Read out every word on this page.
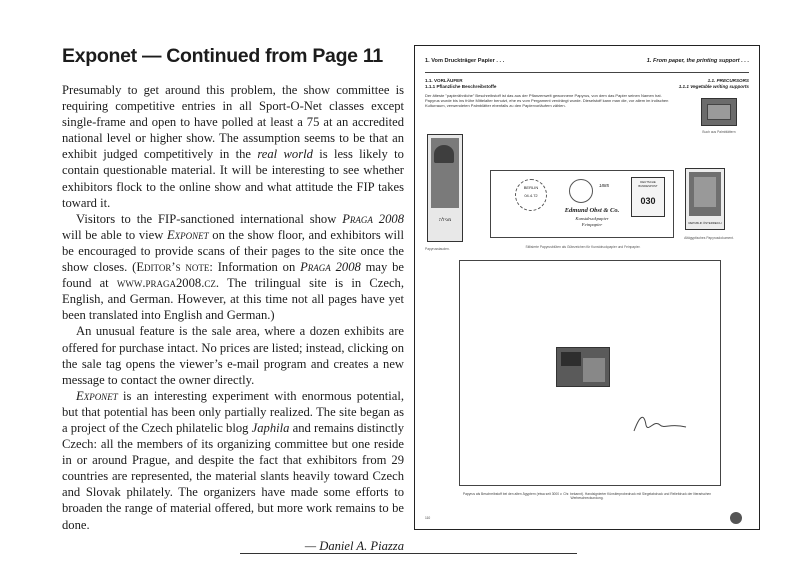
Exponet — Continued from Page 11

Presumably to get around this problem, the show committee is requiring competitive entries in all Sport-O-Net classes except single-frame and open to have polled at least a 75 at an accredited national level or higher show. The assumption seems to be that an exhibit judged competitively in the real world is less likely to contain questionable material. It will be interesting to see whether exhibitors flock to the online show and what attitude the FIP takes toward it.

Visitors to the FIP-sanctioned international show Praga 2008 will be able to view Exponet on the show floor, and exhibitors will be encouraged to provide scans of their pages to the site once the show closes. (Editor’s note: Information on Praga 2008 may be found at www.praga2008.cz. The trilingual site is in Czech, English, and German. However, at this time not all pages have yet been translated into English and German.)

An unusual feature is the sale area, where a dozen exhibits are offered for purchase intact. No prices are listed; instead, clicking on the sale tag opens the viewer’s e-mail program and creates a new message to contact the owner directly.

Exponet is an interesting experiment with enormous potential, but that potential has been only partially realized. The site began as a project of the Czech philatelic blog Japhila and remains distinctly Czech: all the members of its organizing committee but one reside in or around Prague, and despite the fact that exhibitors from 29 countries are represented, the material slants heavily toward Czech and Slovak philately. The organizers have made some efforts to broaden the range of material offered, but more work remains to be done.

— Daniel A. Piazza
1. Vom Druckträger Papier . . .	1. From paper, the printing support . . .
1.1. VORLÄUFER
1.1.1 Pflanzliche Beschreibstoffe
1.1. PRECURSORS
1.1.1 Vegetable writing supports
Der älteste "papierähnliche" Beschreibstoff ist das aus der Pflanzenwelt gewonnene Papyrus, von dem das Papier seinen Namen hat. Papyrus wurde bis ins frühe Mittelalter benutzt, ehe es vom Pergament verdrängt wurde. Dieselstoff kann man die, vor allem im indischen Kulturraum, verwendeten Palmblätter ebenfalls zu den Papiervorläufern zählen.
Buch aus Palmblättern
מגילה
Papyrusstauden.
BERLIN
04.4.72
1885
Edmund Obst & Co.
Kunstdruckpapier
Feinpapier
DEUTSCHE BUNDESPOST
030
Stilisierte Papyrusblüten als Gütezeichen für Kunstdruckpapier und Feinpapier.
REPUBLIK ÖSTERREICH
Altägyptisches Papyrusdokument.
Papyrus als Beschreibstoff bei den alten Ägyptern (etwa seit 3000 v. Chr. bekannt). Handsignierter Künstlerprobedruck mit Siegelabdruck und Reliefdruck der literarischen Werbeschreckundung.
110
